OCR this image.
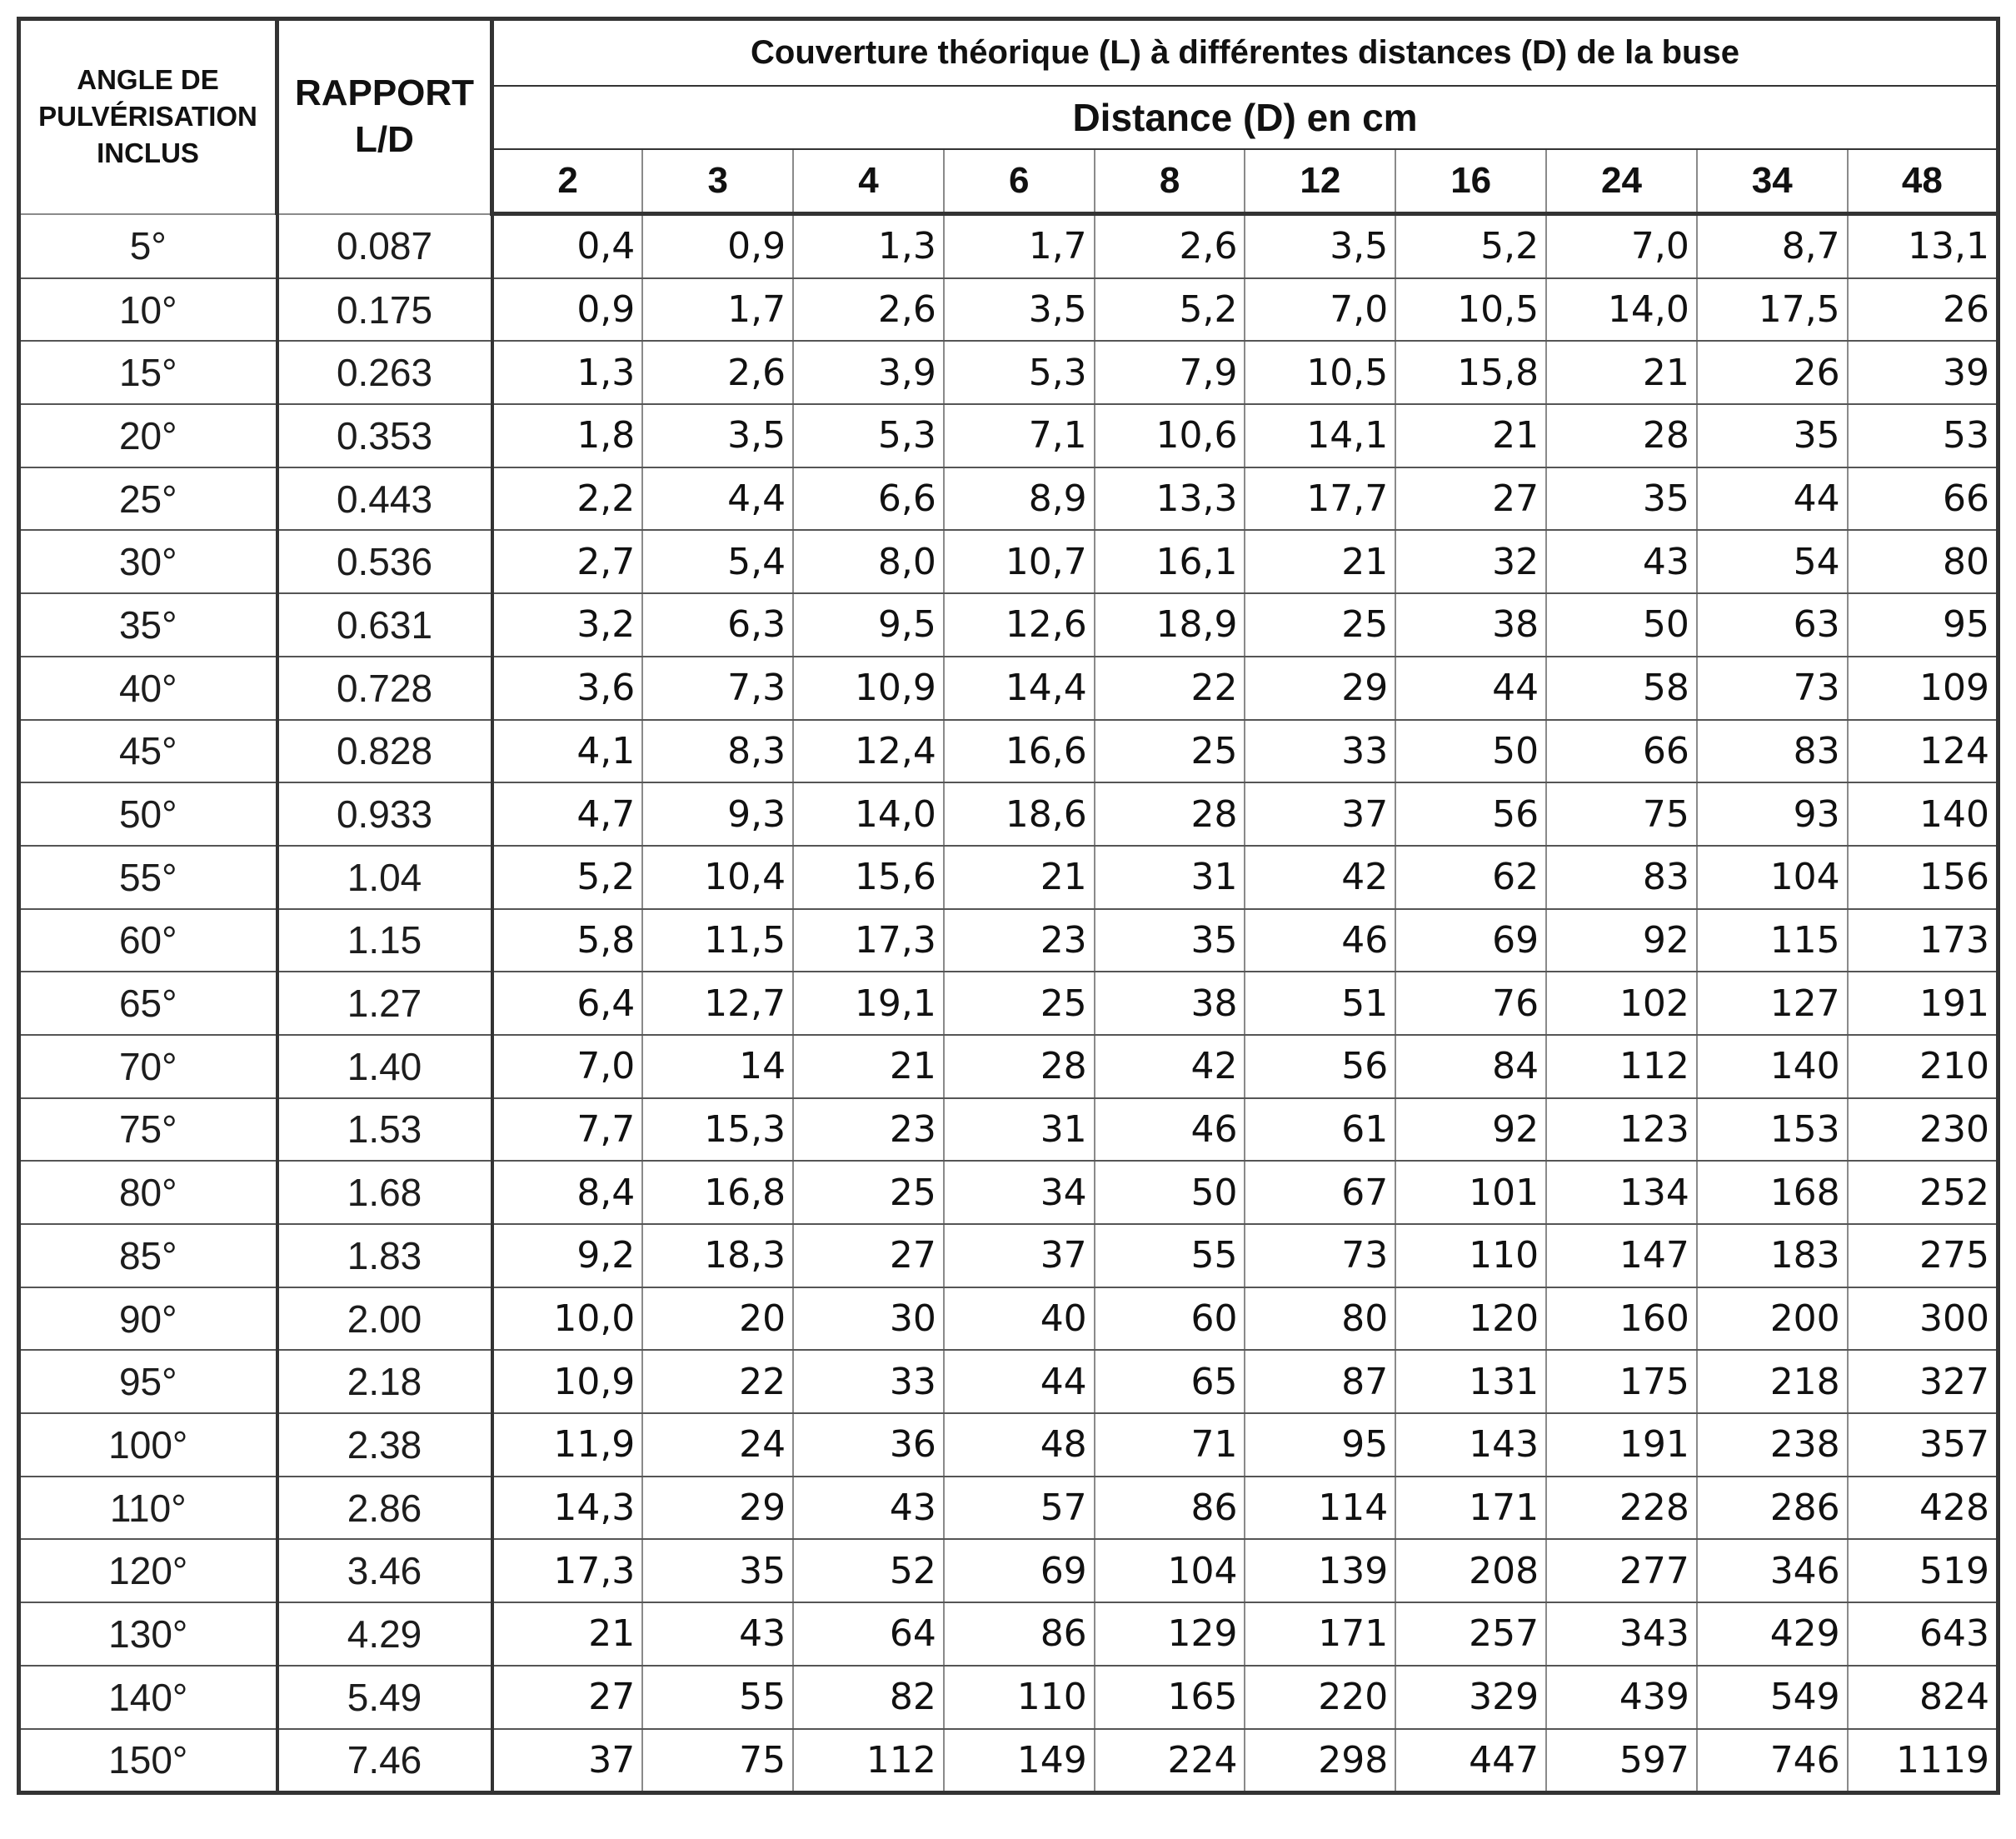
ANGLE DE PULVÉRISATION INCLUS	RAPPORT L/D	Couverture théorique (L) à différentes distances (D) de la buse									
		Distance (D) en cm									
		2	3	4	6	8	12	16	24	34	48
5°	0.087	0,4	0,9	1,3	1,7	2,6	3,5	5,2	7,0	8,7	13,1
10°	0.175	0,9	1,7	2,6	3,5	5,2	7,0	10,5	14,0	17,5	26
15°	0.263	1,3	2,6	3,9	5,3	7,9	10,5	15,8	21	26	39
20°	0.353	1,8	3,5	5,3	7,1	10,6	14,1	21	28	35	53
25°	0.443	2,2	4,4	6,6	8,9	13,3	17,7	27	35	44	66
30°	0.536	2,7	5,4	8,0	10,7	16,1	21	32	43	54	80
35°	0.631	3,2	6,3	9,5	12,6	18,9	25	38	50	63	95
40°	0.728	3,6	7,3	10,9	14,4	22	29	44	58	73	109
45°	0.828	4,1	8,3	12,4	16,6	25	33	50	66	83	124
50°	0.933	4,7	9,3	14,0	18,6	28	37	56	75	93	140
55°	1.04	5,2	10,4	15,6	21	31	42	62	83	104	156
60°	1.15	5,8	11,5	17,3	23	35	46	69	92	115	173
65°	1.27	6,4	12,7	19,1	25	38	51	76	102	127	191
70°	1.40	7,0	14	21	28	42	56	84	112	140	210
75°	1.53	7,7	15,3	23	31	46	61	92	123	153	230
80°	1.68	8,4	16,8	25	34	50	67	101	134	168	252
85°	1.83	9,2	18,3	27	37	55	73	110	147	183	275
90°	2.00	10,0	20	30	40	60	80	120	160	200	300
95°	2.18	10,9	22	33	44	65	87	131	175	218	327
100°	2.38	11,9	24	36	48	71	95	143	191	238	357
110°	2.86	14,3	29	43	57	86	114	171	228	286	428
120°	3.46	17,3	35	52	69	104	139	208	277	346	519
130°	4.29	21	43	64	86	129	171	257	343	429	643
140°	5.49	27	55	82	110	165	220	329	439	549	824
150°	7.46	37	75	112	149	224	298	447	597	746	1119
